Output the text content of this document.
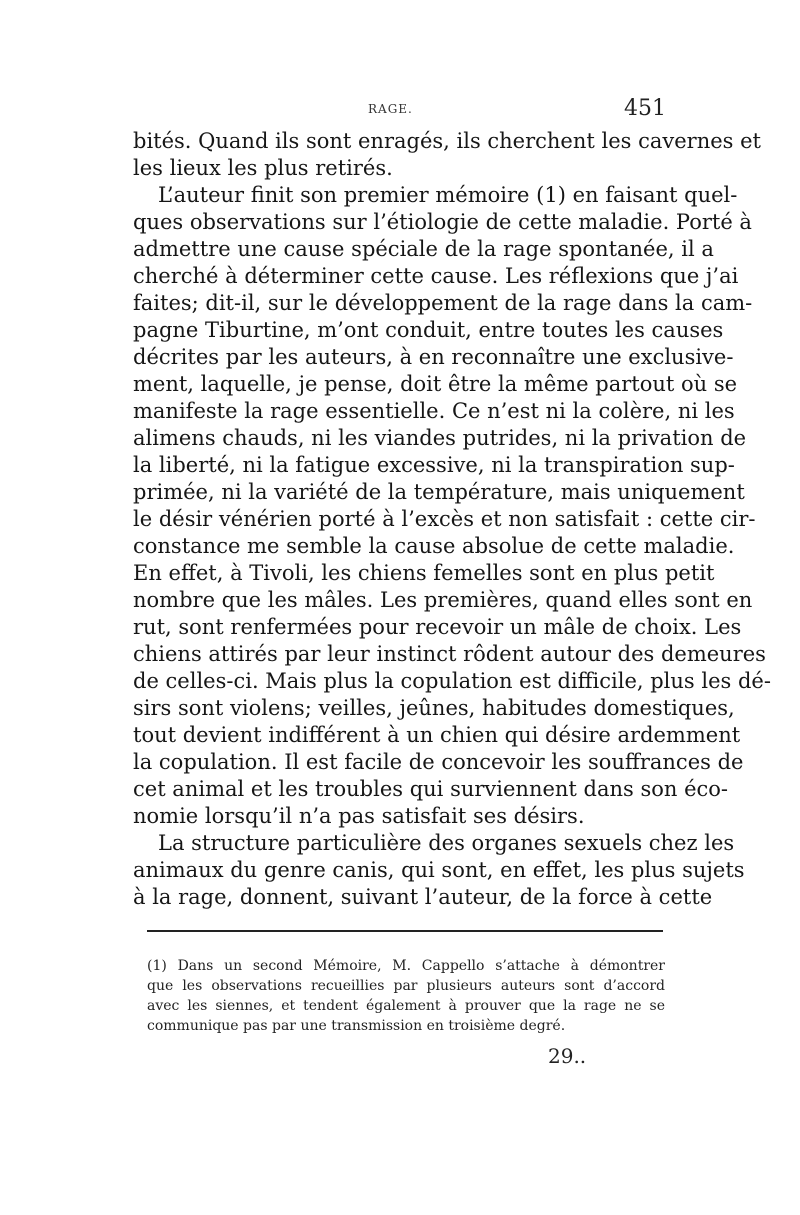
RAGE.	451
bités. Quand ils sont enragés, ils cherchent les cavernes et
les lieux les plus retirés.
L’auteur finit son premier mémoire (1) en faisant quel-
ques observations sur l’étiologie de cette maladie. Porté à
admettre une cause spéciale de la rage spontanée, il a
cherché à déterminer cette cause. Les réflexions que j’ai
faites; dit-il, sur le développement de la rage dans la cam-
pagne Tiburtine, m’ont conduit, entre toutes les causes
décrites par les auteurs, à en reconnaître une exclusive-
ment, laquelle, je pense, doit être la même partout où se
manifeste la rage essentielle. Ce n’est ni la colère, ni les
alimens chauds, ni les viandes putrides, ni la privation de
la liberté, ni la fatigue excessive, ni la transpiration sup-
primée, ni la variété de la température, mais uniquement
le désir vénérien porté à l’excès et non satisfait : cette cir-
constance me semble la cause absolue de cette maladie.
En effet, à Tivoli, les chiens femelles sont en plus petit
nombre que les mâles. Les premières, quand elles sont en
rut, sont renfermées pour recevoir un mâle de choix. Les
chiens attirés par leur instinct rôdent autour des demeures
de celles-ci. Mais plus la copulation est difficile, plus les dé-
sirs sont violens; veilles, jeûnes, habitudes domestiques,
tout devient indifférent à un chien qui désire ardemment
la copulation. Il est facile de concevoir les souffrances de
cet animal et les troubles qui surviennent dans son éco-
nomie lorsqu’il n’a pas satisfait ses désirs.
La structure particulière des organes sexuels chez les
animaux du genre canis, qui sont, en effet, les plus sujets
à la rage, donnent, suivant l’auteur, de la force à cette
(1) Dans un second Mémoire, M. Cappello s’attache à démontrer
que les observations recueillies par plusieurs auteurs sont d’accord
avec les siennes, et tendent également à prouver que la rage ne se
communique pas par une transmission en troisième degré.
29..
